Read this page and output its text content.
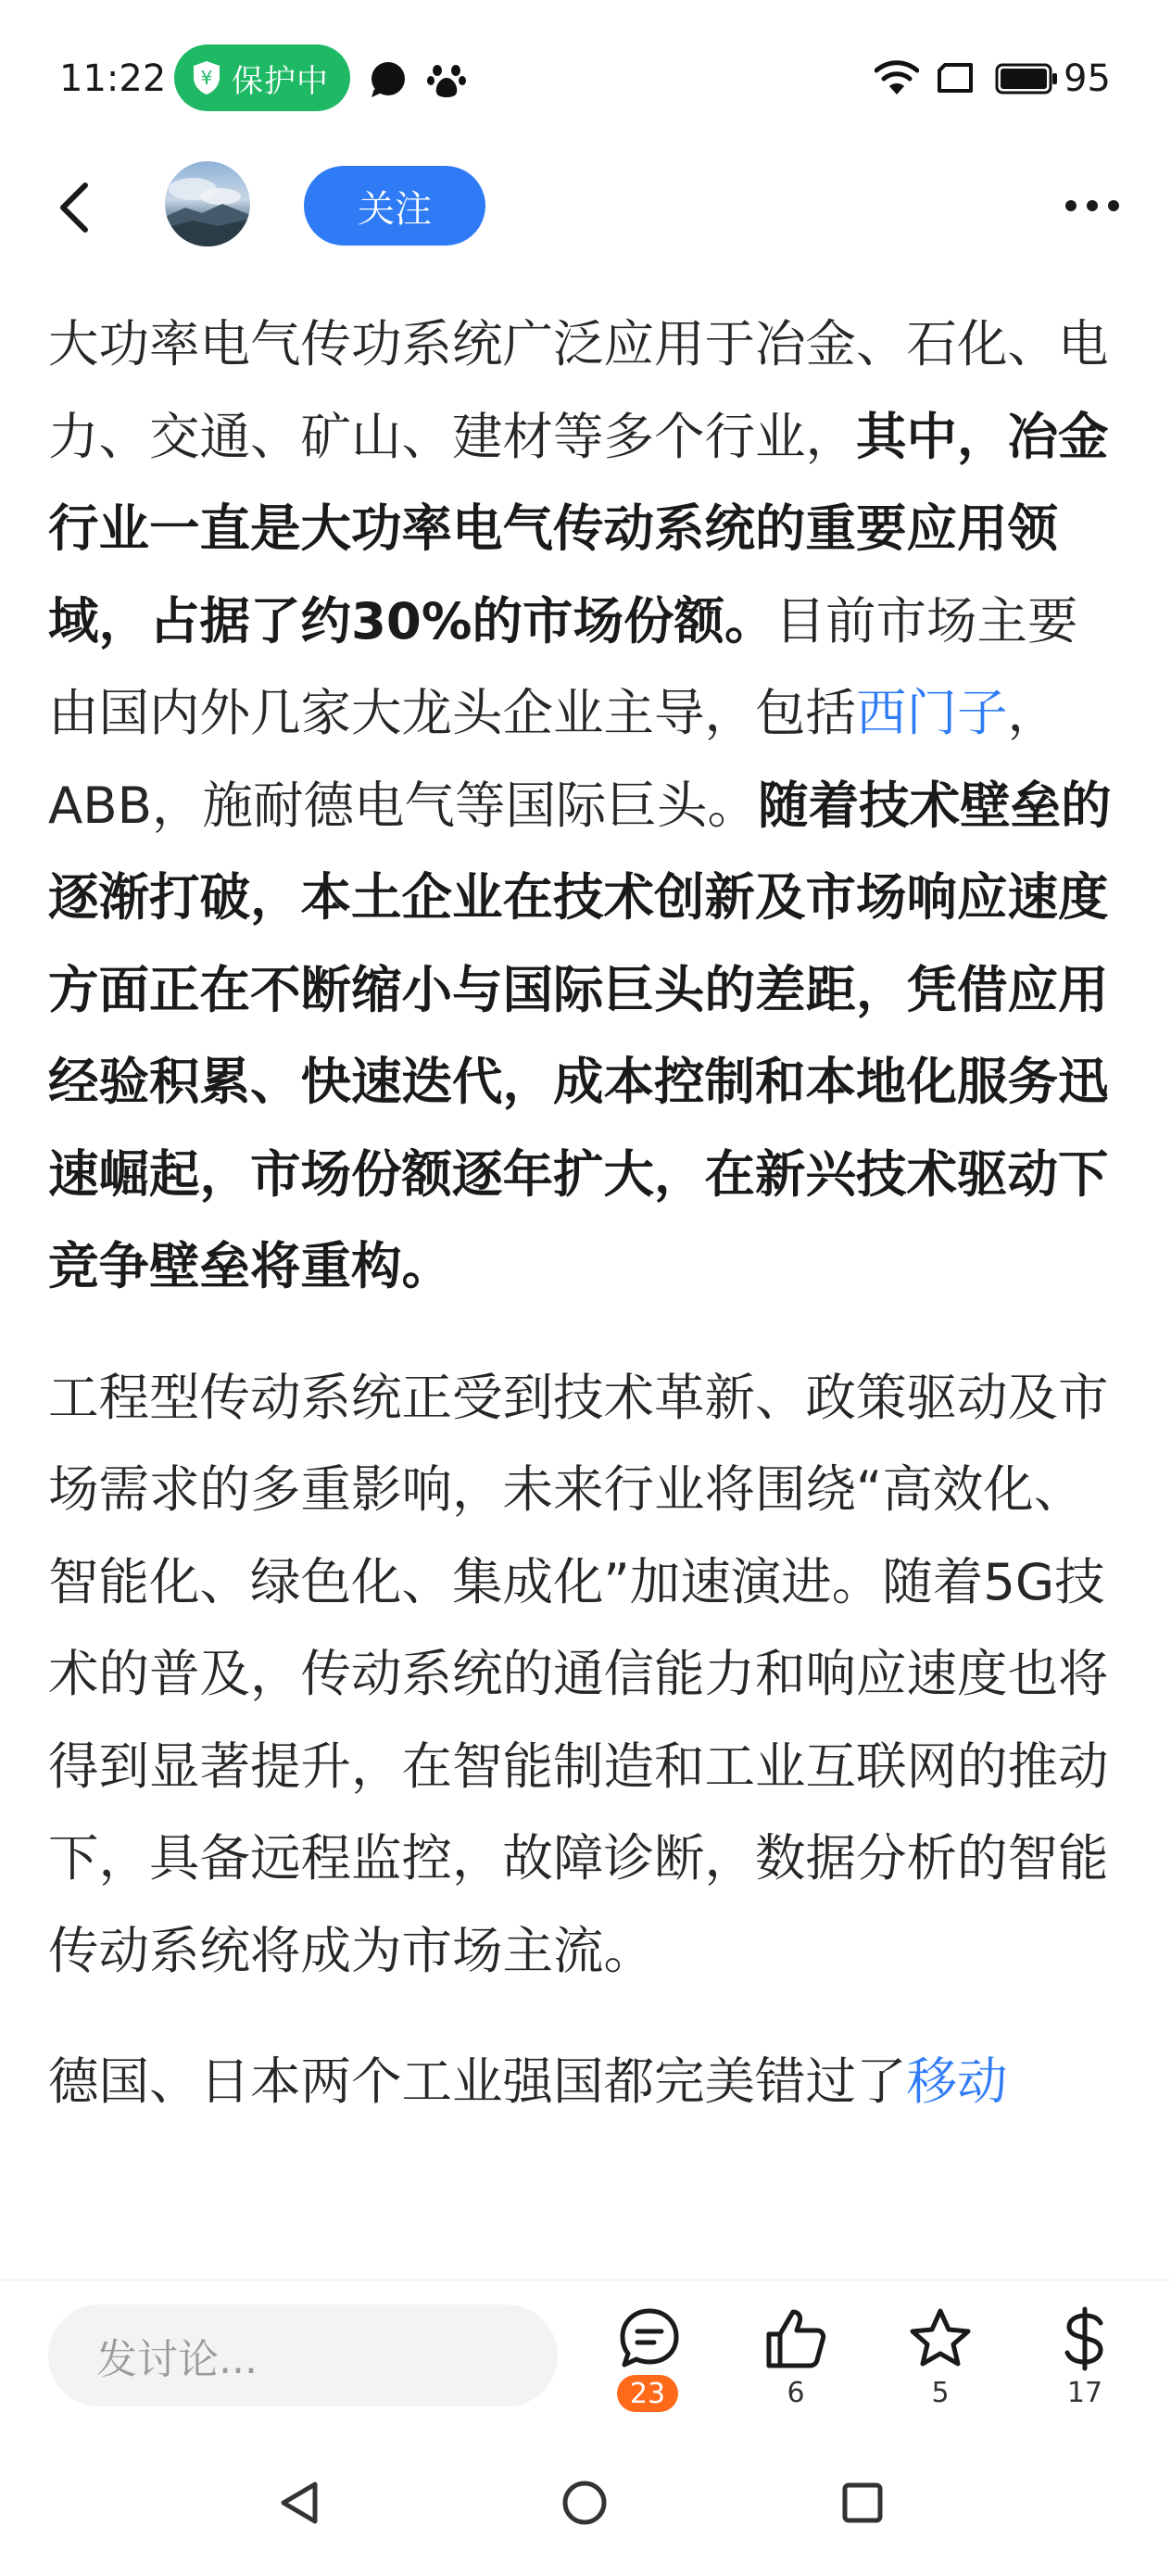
11:22 ¥ 保护中	95
关注

大功率电气传功系统广泛应用于冶金、石化、电力、交通、矿山、建材等多个行业，其中，冶金行业一直是大功率电气传动系统的重要应用领域，占据了约30%的市场份额。目前市场主要由国内外几家大龙头企业主导，包括西门子，ABB，施耐德电气等国际巨头。随着技术壁垒的逐渐打破，本土企业在技术创新及市场响应速度方面正在不断缩小与国际巨头的差距，凭借应用经验积累、快速迭代，成本控制和本地化服务迅速崛起，市场份额逐年扩大，在新兴技术驱动下竞争壁垒将重构。

工程型传动系统正受到技术革新、政策驱动及市场需求的多重影响，未来行业将围绕“高效化、智能化、绿色化、集成化”加速演进。随着5G技术的普及，传动系统的通信能力和响应速度也将得到显著提升，在智能制造和工业互联网的推动下，具备远程监控，故障诊断，数据分析的智能传动系统将成为市场主流。

德国、日本两个工业强国都完美错过了移动

发讨论...
23	6	5	17
